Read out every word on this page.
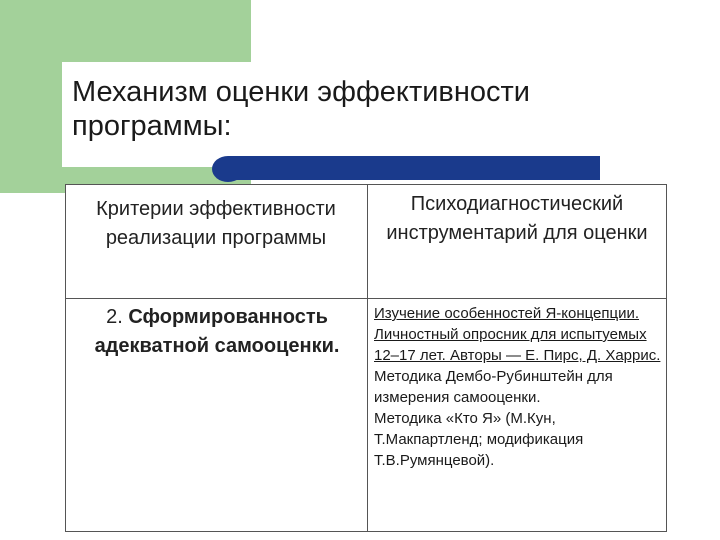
Механизм оценки эффективности программы:
Критерии эффективности реализации программы
Психодиагностический инструментарий для оценки
2. Сформированность адекватной самооценки.

Изучение особенностей Я-концепции. Личностный опросник для испытуемых 12–17 лет. Авторы — Е. Пирс, Д. Харрис.

Методика Дембо-Рубинштейн для измерения самооценки.

Методика «Кто Я» (М.Кун, Т.Макпартленд; модификация Т.В.Румянцевой).
